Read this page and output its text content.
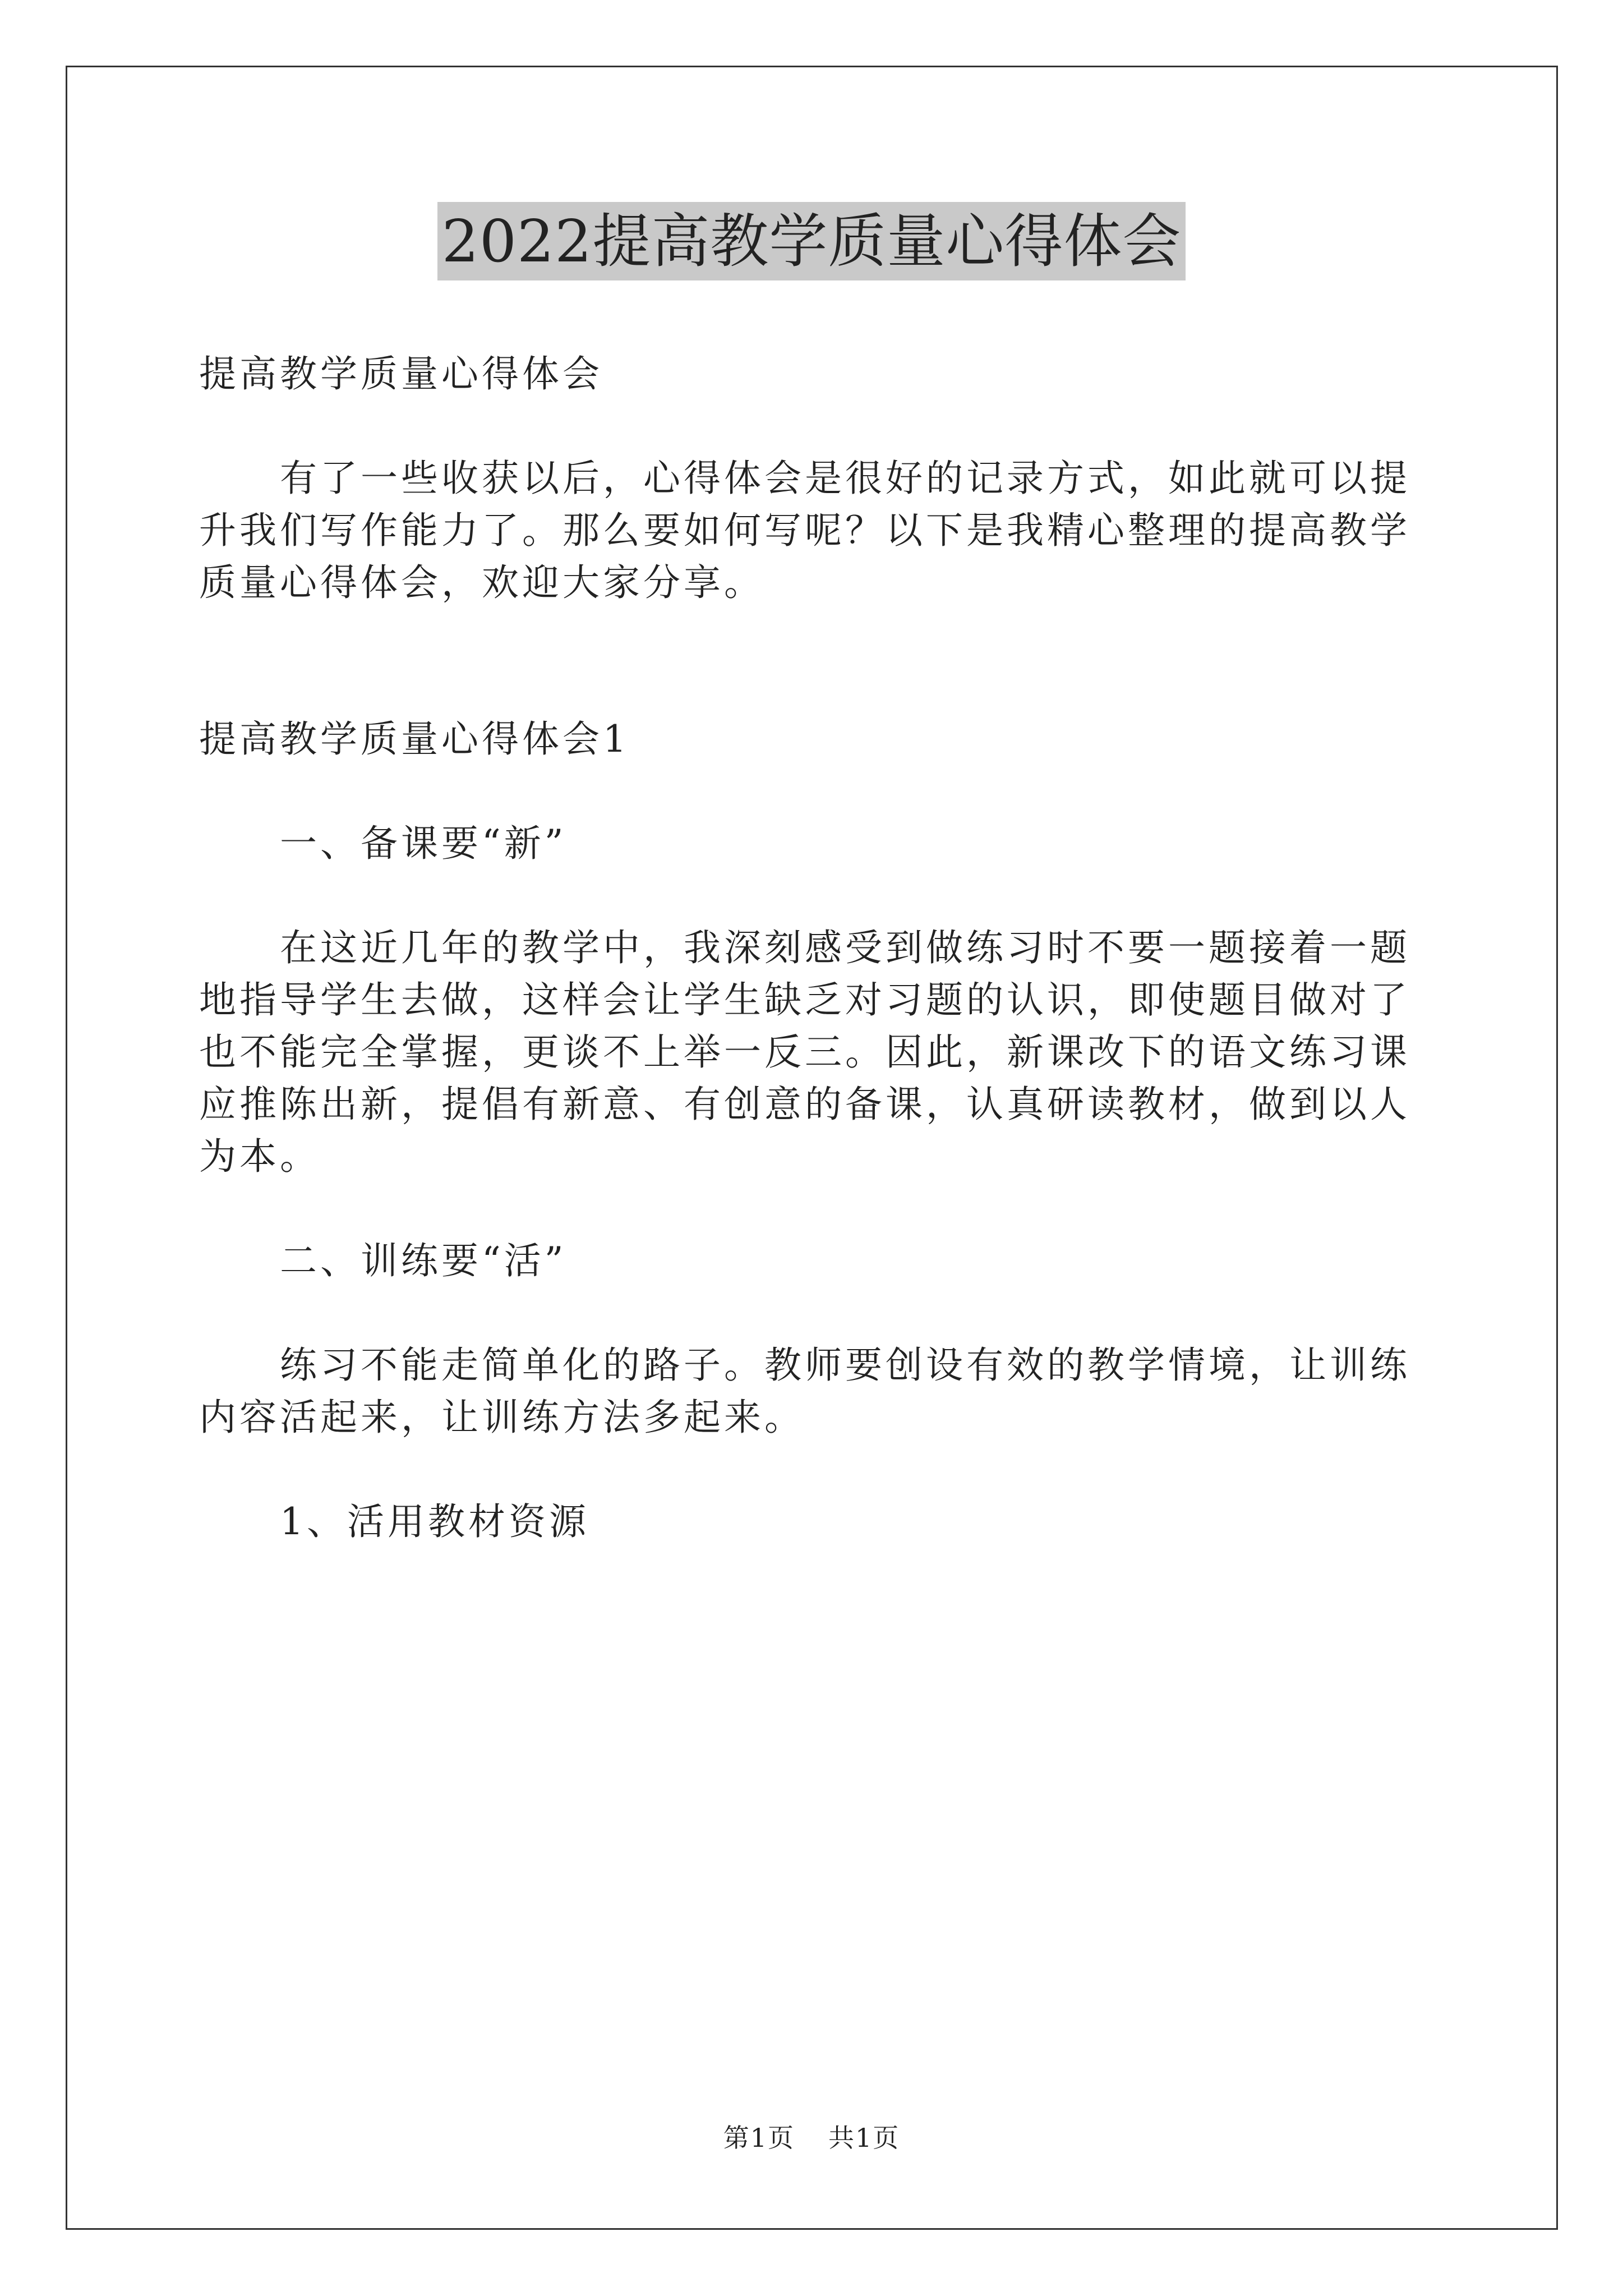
2022提高教学质量心得体会

提高教学质量心得体会

有了一些收获以后，心得体会是很好的记录方式，如此就可以提升我们写作能力了。那么要如何写呢？以下是我精心整理的提高教学质量心得体会，欢迎大家分享。

提高教学质量心得体会1

一、备课要“新”

在这近几年的教学中，我深刻感受到做练习时不要一题接着一题地指导学生去做，这样会让学生缺乏对习题的认识，即使题目做对了也不能完全掌握，更谈不上举一反三。因此，新课改下的语文练习课应推陈出新，提倡有新意、有创意的备课，认真研读教材，做到以人为本。

二、训练要“活”

练习不能走简单化的路子。教师要创设有效的教学情境，让训练内容活起来，让训练方法多起来。

1、活用教材资源

第1页 共1页
